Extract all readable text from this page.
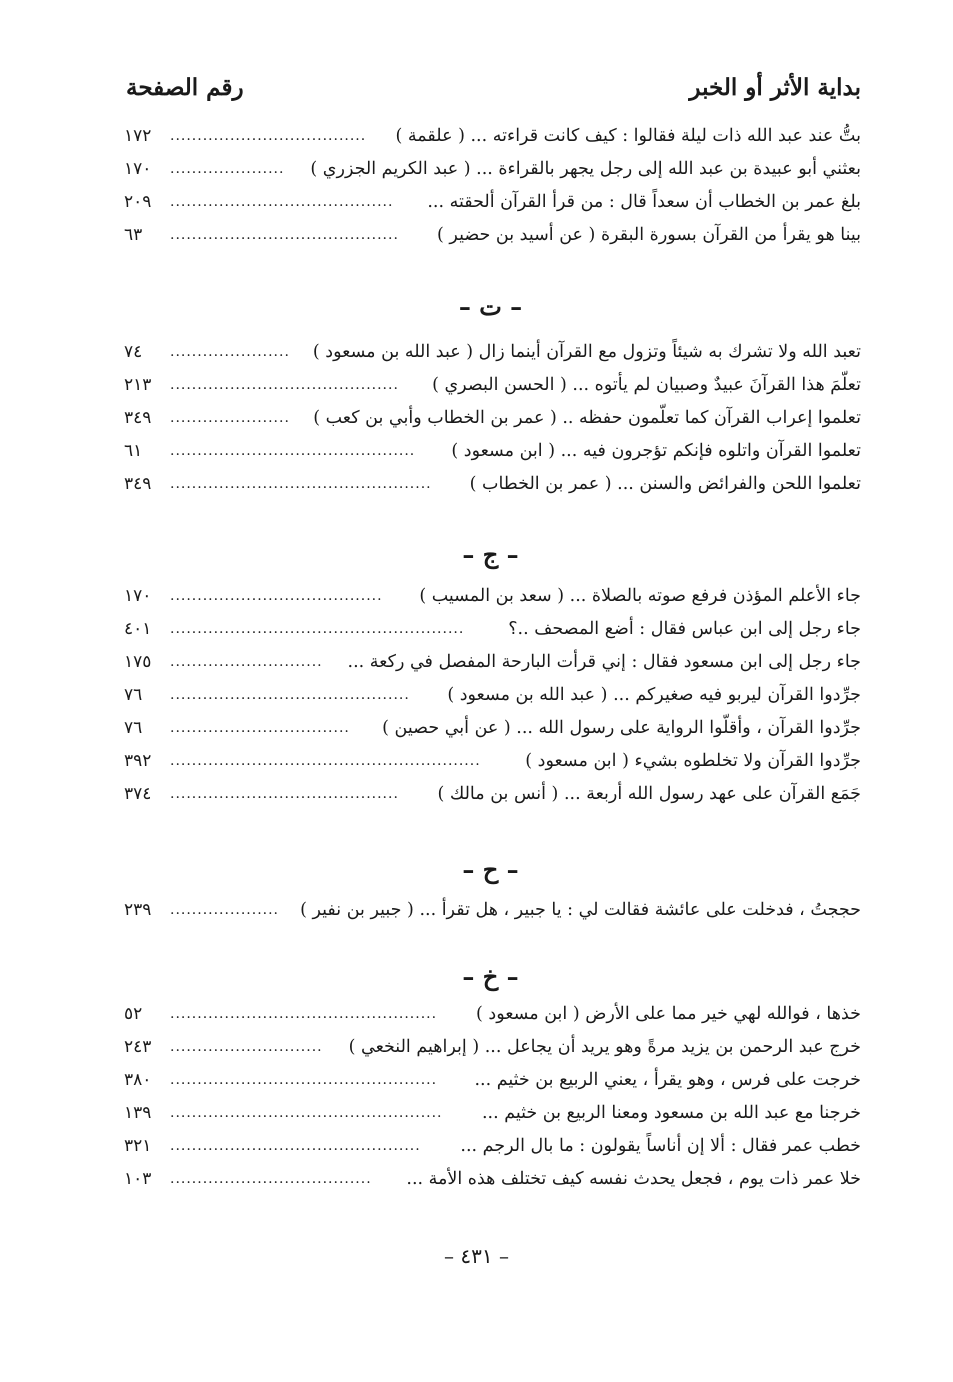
بداية الأثر أو الخبر
رقم الصفحة
بتُّ عند عبد الله ذات ليلة فقالوا : كيف كانت قراءته ... ( علقمة )
....................................
١٧٢
بعثني أبو عبيدة بن عبد الله إلى رجل يجهر بالقراءة ... ( عبد الكريم الجزري )
.....................
١٧٠
بلغ عمر بن الخطاب أن سعداً قال : من قرأ القرآن ألحقته ...
.........................................
٢٠٩
بينا هو يقرأ من القرآن بسورة البقرة ( عن أسيد بن حضير )
..........................................
٦٣
– ت –
تعبد الله ولا تشرك به شيئاً وتزول مع القرآن أينما زال ( عبد الله بن مسعود )
......................
٧٤
تعلّمَ هذا القرآنَ عبيدٌ وصبيان لم يأتوه ... ( الحسن البصري )
..........................................
٢١٣
تعلموا إعراب القرآن كما تعلّمون حفظه .. ( عمر بن الخطاب وأبي بن كعب )
......................
٣٤٩
تعلموا القرآن واتلوه فإنكم تؤجرون فيه ... ( ابن مسعود )
.............................................
٦١
تعلموا اللحن والفرائض والسنن ... ( عمر بن الخطاب )
................................................
٣٤٩
– ج –
جاء الأعلم المؤذن فرفع صوته بالصلاة ... ( سعد بن المسيب )
.......................................
١٧٠
جاء رجل إلى ابن عباس فقال : أضع المصحف ..؟
......................................................
٤٠١
جاء رجل إلى ابن مسعود فقال : إني قرأت البارحة المفصل في ركعة ...
............................
١٧٥
جرِّدوا القرآن ليربو فيه صغيركم ... ( عبد الله بن مسعود )
............................................
٧٦
جرِّدوا القرآن ، وأقلّوا الرواية على رسول الله ... ( عن أبي حصين )
.................................
٧٦
جرِّدوا القرآن ولا تخلطوه بشيء ( ابن مسعود )
.........................................................
٣٩٢
جَمَع القرآن على عهد رسول الله أربعة ... ( أنس بن مالك )
..........................................
٣٧٤
– ح –
حججتُ ، فدخلت على عائشة فقالت لي : يا جبير ، هل تقرأ ... ( جبير بن نفير )
....................
٢٣٩
– خ –
خذها ، فوالله لهي خير مما على الأرض ( ابن مسعود )
.................................................
٥٢
خرج عبد الرحمن بن يزيد مرةً وهو يريد أن يجاعل ... ( إبراهيم النخعي )
............................
٢٤٣
خرجت على فرس ، وهو يقرأ ، يعني الربيع بن خثيم ...
.................................................
٣٨٠
خرجنا مع عبد الله بن مسعود ومعنا الربيع بن خثيم ...
..................................................
١٣٩
خطب عمر فقال : ألا إن أناساً يقولون : ما بال الرجم ...
..............................................
٣٢١
خلا عمر ذات يوم ، فجعل يحدث نفسه كيف تختلف هذه الأمة ...
.....................................
١٠٣
– ٤٣١ –
